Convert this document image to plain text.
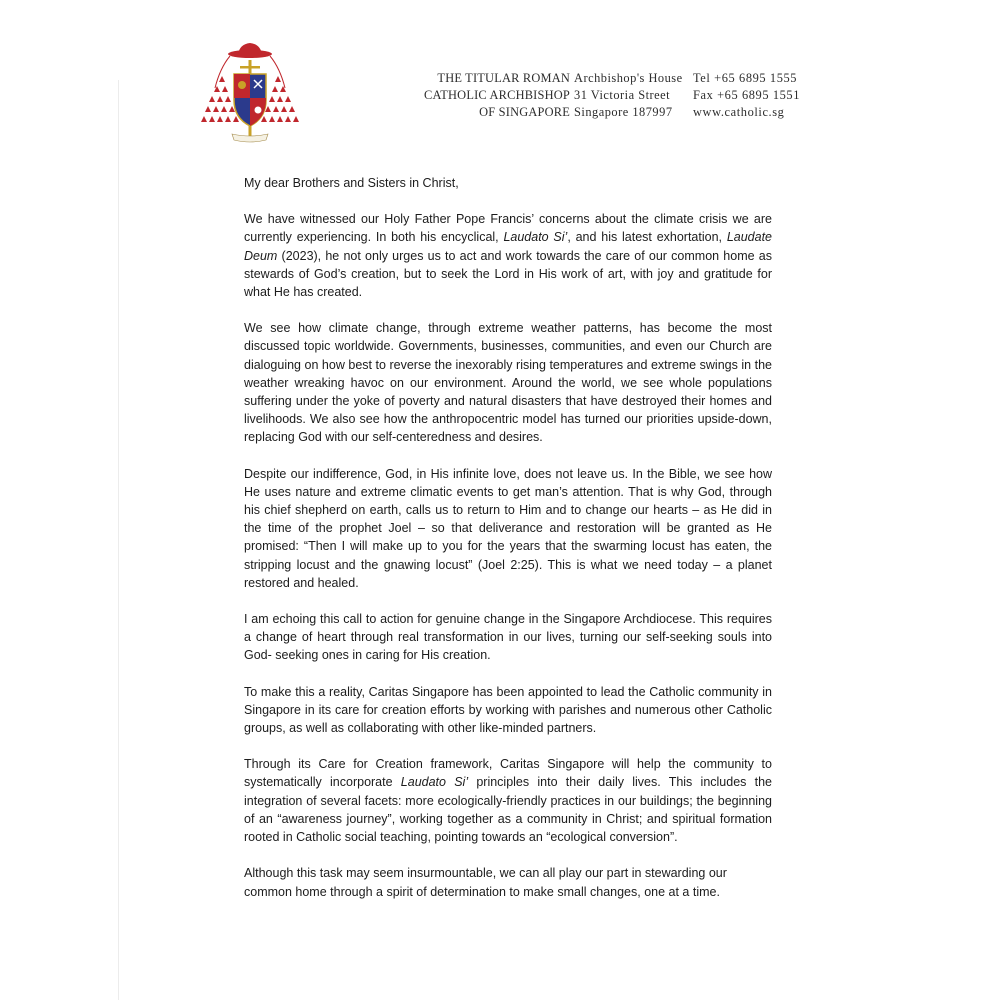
THE TITULAR ROMAN
CATHOLIC ARCHBISHOP
OF SINGAPORE
Archbishop's House
31 Victoria Street
Singapore 187997
Tel +65 6895 1555
Fax +65 6895 1551
www.catholic.sg

My dear Brothers and Sisters in Christ,

We have witnessed our Holy Father Pope Francis’ concerns about the climate crisis we are currently experiencing. In both his encyclical, Laudato Si’, and his latest exhortation, Laudate Deum (2023), he not only urges us to act and work towards the care of our common home as stewards of God’s creation, but to seek the Lord in His work of art, with joy and gratitude for what He has created.

We see how climate change, through extreme weather patterns, has become the most discussed topic worldwide. Governments, businesses, communities, and even our Church are dialoguing on how best to reverse the inexorably rising temperatures and extreme swings in the weather wreaking havoc on our environment. Around the world, we see whole populations suffering under the yoke of poverty and natural disasters that have destroyed their homes and livelihoods. We also see how the anthropocentric model has turned our priorities upside-down, replacing God with our self-centeredness and desires.

Despite our indifference, God, in His infinite love, does not leave us. In the Bible, we see how He uses nature and extreme climatic events to get man’s attention. That is why God, through his chief shepherd on earth, calls us to return to Him and to change our hearts – as He did in the time of the prophet Joel – so that deliverance and restoration will be granted as He promised: “Then I will make up to you for the years that the swarming locust has eaten, the stripping locust and the gnawing locust” (Joel 2:25). This is what we need today – a planet restored and healed.

I am echoing this call to action for genuine change in the Singapore Archdiocese. This requires a change of heart through real transformation in our lives, turning our self-seeking souls into God- seeking ones in caring for His creation.

To make this a reality, Caritas Singapore has been appointed to lead the Catholic community in Singapore in its care for creation efforts by working with parishes and numerous other Catholic groups, as well as collaborating with other like-minded partners.

Through its Care for Creation framework, Caritas Singapore will help the community to systematically incorporate Laudato Si’ principles into their daily lives. This includes the integration of several facets: more ecologically-friendly practices in our buildings; the beginning of an “awareness journey”, working together as a community in Christ; and spiritual formation rooted in Catholic social teaching, pointing towards an “ecological conversion”.

Although this task may seem insurmountable, we can all play our part in stewarding our common home through a spirit of determination to make small changes, one at a time.
